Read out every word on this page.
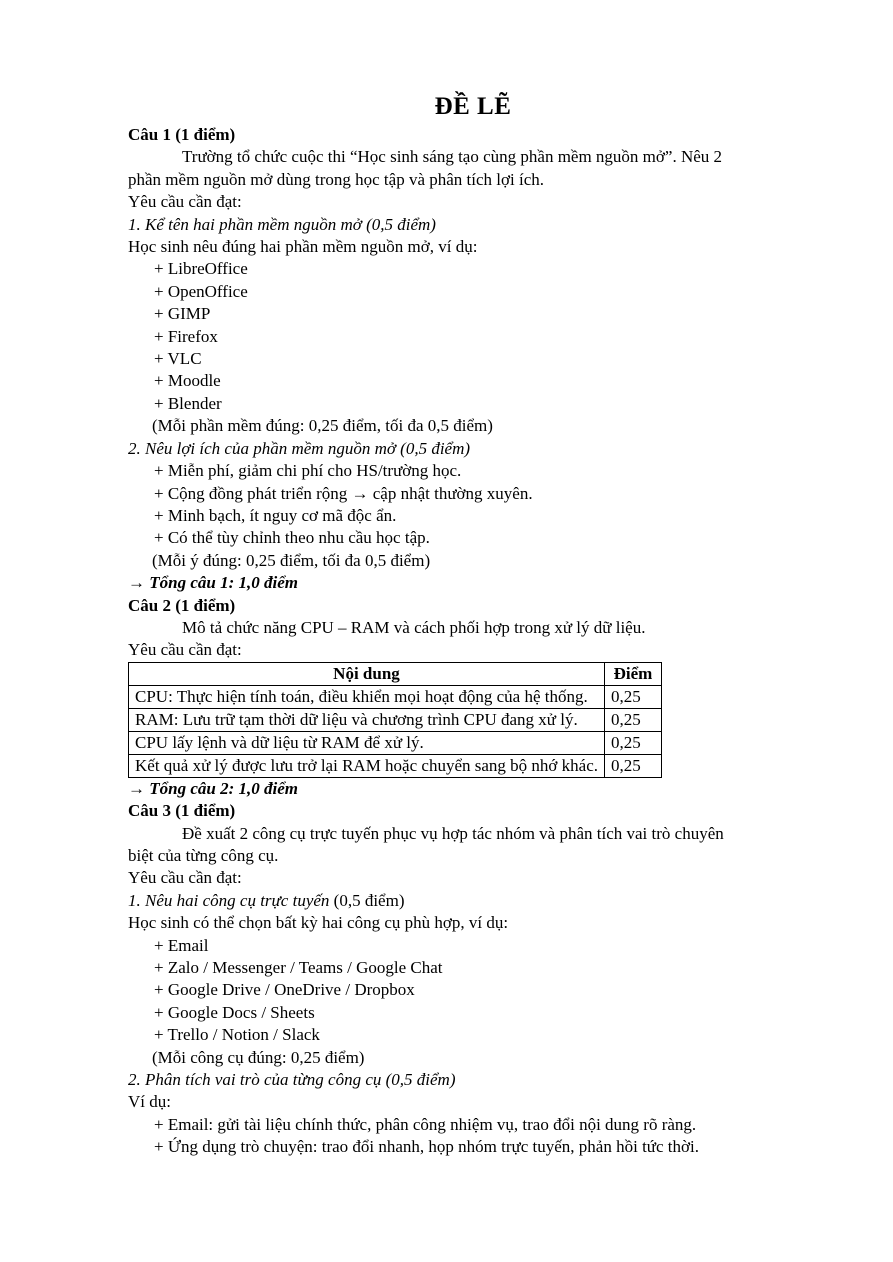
ĐỀ LẼ
Câu 1 (1 điểm)
Trường tổ chức cuộc thi “Học sinh sáng tạo cùng phần mềm nguồn mở”. Nêu 2
phần mềm nguồn mở dùng trong học tập và phân tích lợi ích.
Yêu cầu cần đạt:
1. Kể tên hai phần mềm nguồn mở (0,5 điểm)
Học sinh nêu đúng hai phần mềm nguồn mở, ví dụ:
+ LibreOffice
+ OpenOffice
+ GIMP
+ Firefox
+ VLC
+ Moodle
+ Blender
(Mỗi phần mềm đúng: 0,25 điểm, tối đa 0,5 điểm)
2. Nêu lợi ích của phần mềm nguồn mở (0,5 điểm)
+ Miễn phí, giảm chi phí cho HS/trường học.
+ Cộng đồng phát triển rộng → cập nhật thường xuyên.
+ Minh bạch, ít nguy cơ mã độc ẩn.
+ Có thể tùy chỉnh theo nhu cầu học tập.
(Mỗi ý đúng: 0,25 điểm, tối đa 0,5 điểm)
→ Tổng câu 1: 1,0 điểm
Câu 2 (1 điểm)
Mô tả chức năng CPU – RAM và cách phối hợp trong xử lý dữ liệu.
Yêu cầu cần đạt:
Nội dung	Điểm
CPU: Thực hiện tính toán, điều khiển mọi hoạt động của hệ thống.	0,25
RAM: Lưu trữ tạm thời dữ liệu và chương trình CPU đang xử lý.	0,25
CPU lấy lệnh và dữ liệu từ RAM để xử lý.	0,25
Kết quả xử lý được lưu trở lại RAM hoặc chuyển sang bộ nhớ khác.	0,25
→ Tổng câu 2: 1,0 điểm
Câu 3 (1 điểm)
Đề xuất 2 công cụ trực tuyến phục vụ hợp tác nhóm và phân tích vai trò chuyên
biệt của từng công cụ.
Yêu cầu cần đạt:
1. Nêu hai công cụ trực tuyến (0,5 điểm)
Học sinh có thể chọn bất kỳ hai công cụ phù hợp, ví dụ:
+ Email
+ Zalo / Messenger / Teams / Google Chat
+ Google Drive / OneDrive / Dropbox
+ Google Docs / Sheets
+ Trello / Notion / Slack
(Mỗi công cụ đúng: 0,25 điểm)
2. Phân tích vai trò của từng công cụ (0,5 điểm)
Ví dụ:
+ Email: gửi tài liệu chính thức, phân công nhiệm vụ, trao đổi nội dung rõ ràng.
+ Ứng dụng trò chuyện: trao đổi nhanh, họp nhóm trực tuyến, phản hồi tức thời.
